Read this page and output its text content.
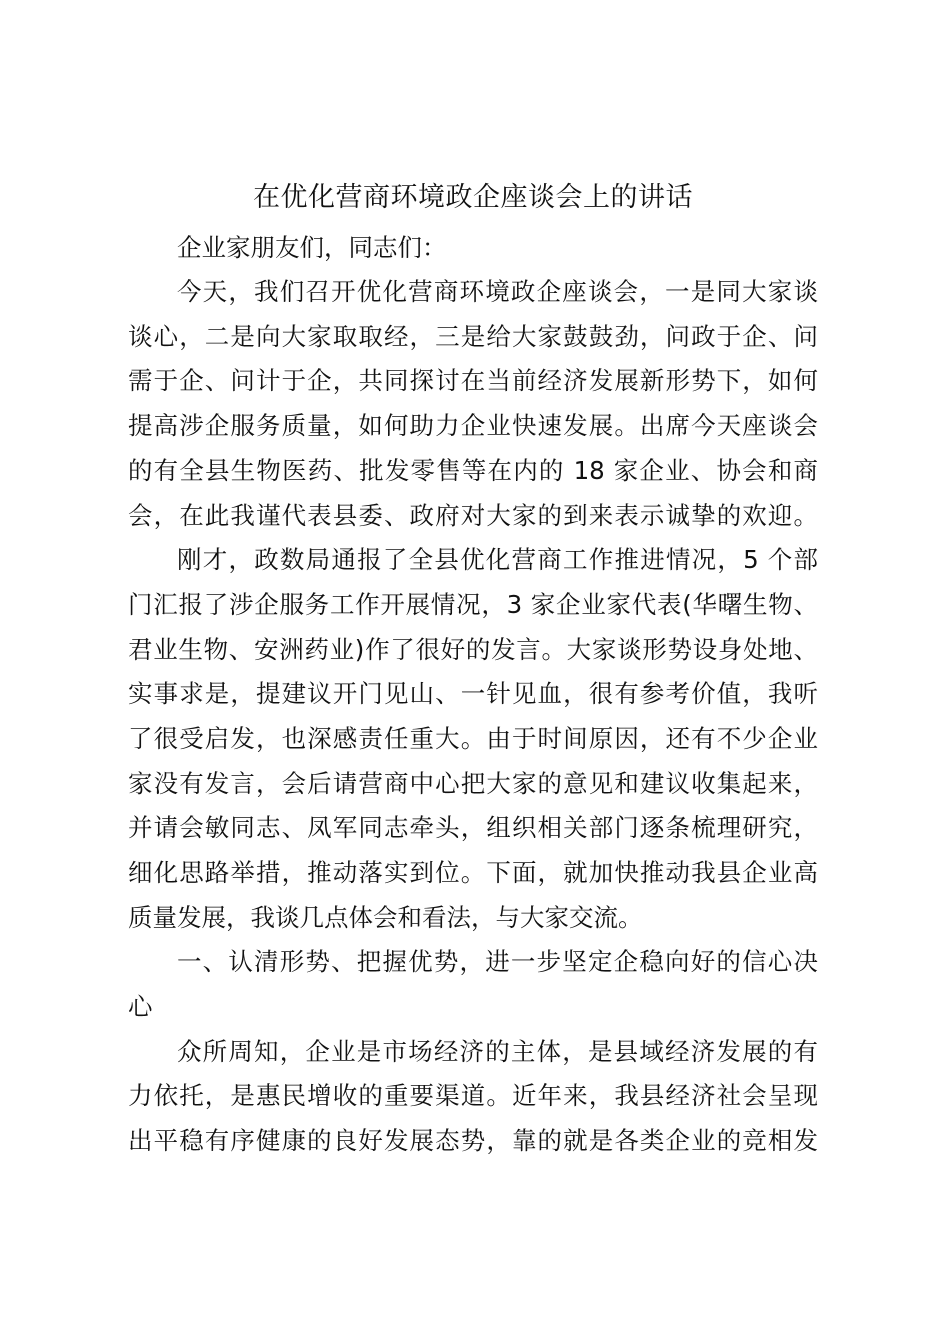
在优化营商环境政企座谈会上的讲话

企业家朋友们，同志们：

今天，我们召开优化营商环境政企座谈会，一是同大家谈

谈心，二是向大家取取经，三是给大家鼓鼓劲，问政于企、问

需于企、问计于企，共同探讨在当前经济发展新形势下，如何

提高涉企服务质量，如何助力企业快速发展。出席今天座谈会

的有全县生物医药、批发零售等在内的 18 家企业、协会和商

会，在此我谨代表县委、政府对大家的到来表示诚挚的欢迎。

刚才，政数局通报了全县优化营商工作推进情况，5 个部

门汇报了涉企服务工作开展情况，3 家企业家代表(华曙生物、

君业生物、安洲药业)作了很好的发言。大家谈形势设身处地、

实事求是，提建议开门见山、一针见血，很有参考价值，我听

了很受启发，也深感责任重大。由于时间原因，还有不少企业

家没有发言，会后请营商中心把大家的意见和建议收集起来，

并请会敏同志、凤军同志牵头，组织相关部门逐条梳理研究，

细化思路举措，推动落实到位。下面，就加快推动我县企业高

质量发展，我谈几点体会和看法，与大家交流。

一、认清形势、把握优势，进一步坚定企稳向好的信心决

心

众所周知，企业是市场经济的主体，是县域经济发展的有

力依托，是惠民增收的重要渠道。近年来，我县经济社会呈现

出平稳有序健康的良好发展态势，靠的就是各类企业的竞相发
